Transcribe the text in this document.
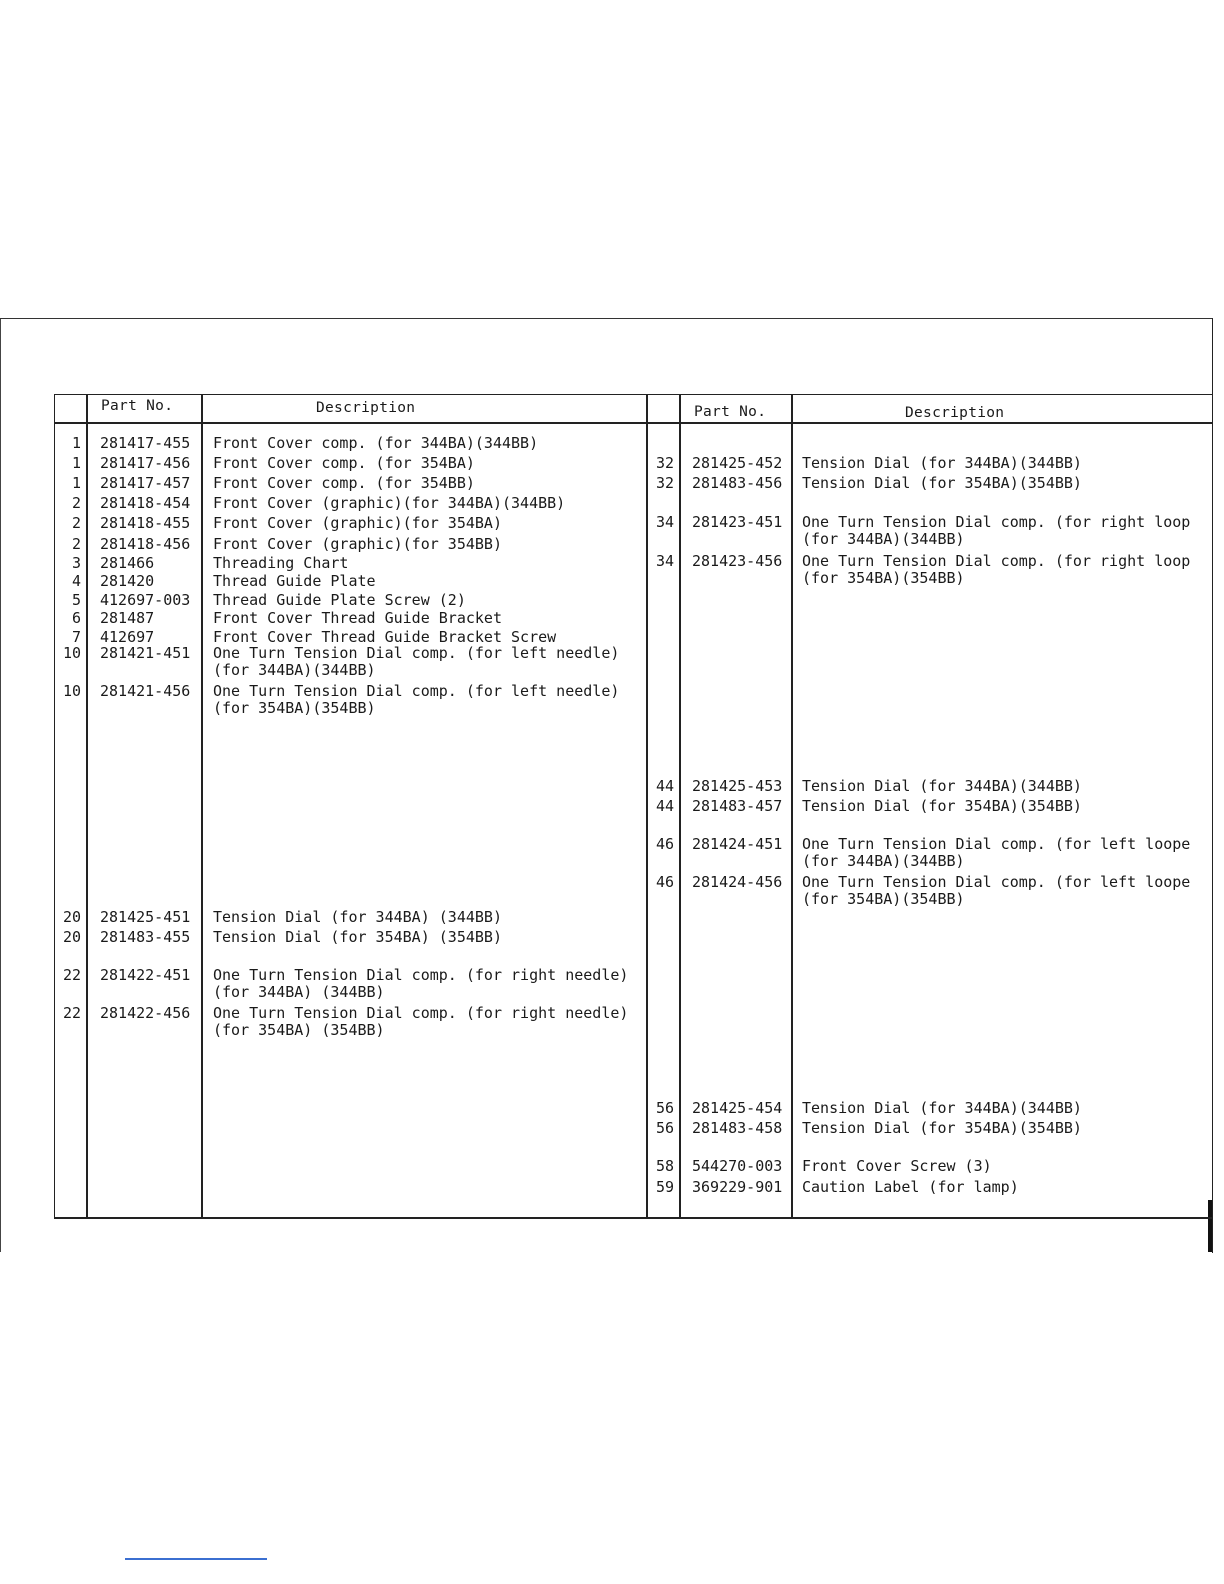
Part No.	Description	Part No.	Description
1 281417-455 Front Cover comp. (for 344BA)(344BB)
1 281417-456 Front Cover comp. (for 354BA)
1 281417-457 Front Cover comp. (for 354BB)
2 281418-454 Front Cover (graphic)(for 344BA)(344BB)
2 281418-455 Front Cover (graphic)(for 354BA)
2 281418-456 Front Cover (graphic)(for 354BB)
3 281466	Threading Chart
4 281420	Thread Guide Plate
5 412697-003 Thread Guide Plate Screw (2)
6 281487	Front Cover Thread Guide Bracket
7 412697	Front Cover Thread Guide Bracket Screw
10 281421-451 One Turn Tension Dial comp. (for left needle)
(for 344BA)(344BB)
10 281421-456 One Turn Tension Dial comp. (for left needle)
(for 354BA)(354BB)
20 281425-451 Tension Dial (for 344BA) (344BB)
20 281483-455 Tension Dial (for 354BA) (354BB)
22 281422-451 One Turn Tension Dial comp. (for right needle)
(for 344BA) (344BB)
22 281422-456 One Turn Tension Dial comp. (for right needle)
(for 354BA) (354BB)
32 281425-452 Tension Dial (for 344BA)(344BB)
32 281483-456 Tension Dial (for 354BA)(354BB)
34 281423-451 One Turn Tension Dial comp. (for right loop
(for 344BA)(344BB)
34 281423-456 One Turn Tension Dial comp. (for right loop
(for 354BA)(354BB)
44 281425-453 Tension Dial (for 344BA)(344BB)
44 281483-457 Tension Dial (for 354BA)(354BB)
46 281424-451 One Turn Tension Dial comp. (for left loope
(for 344BA)(344BB)
46 281424-456 One Turn Tension Dial comp. (for left loope
(for 354BA)(354BB)
56 281425-454 Tension Dial (for 344BA)(344BB)
56 281483-458 Tension Dial (for 354BA)(354BB)
58 544270-003 Front Cover Screw (3)
59 369229-901 Caution Label (for lamp)
